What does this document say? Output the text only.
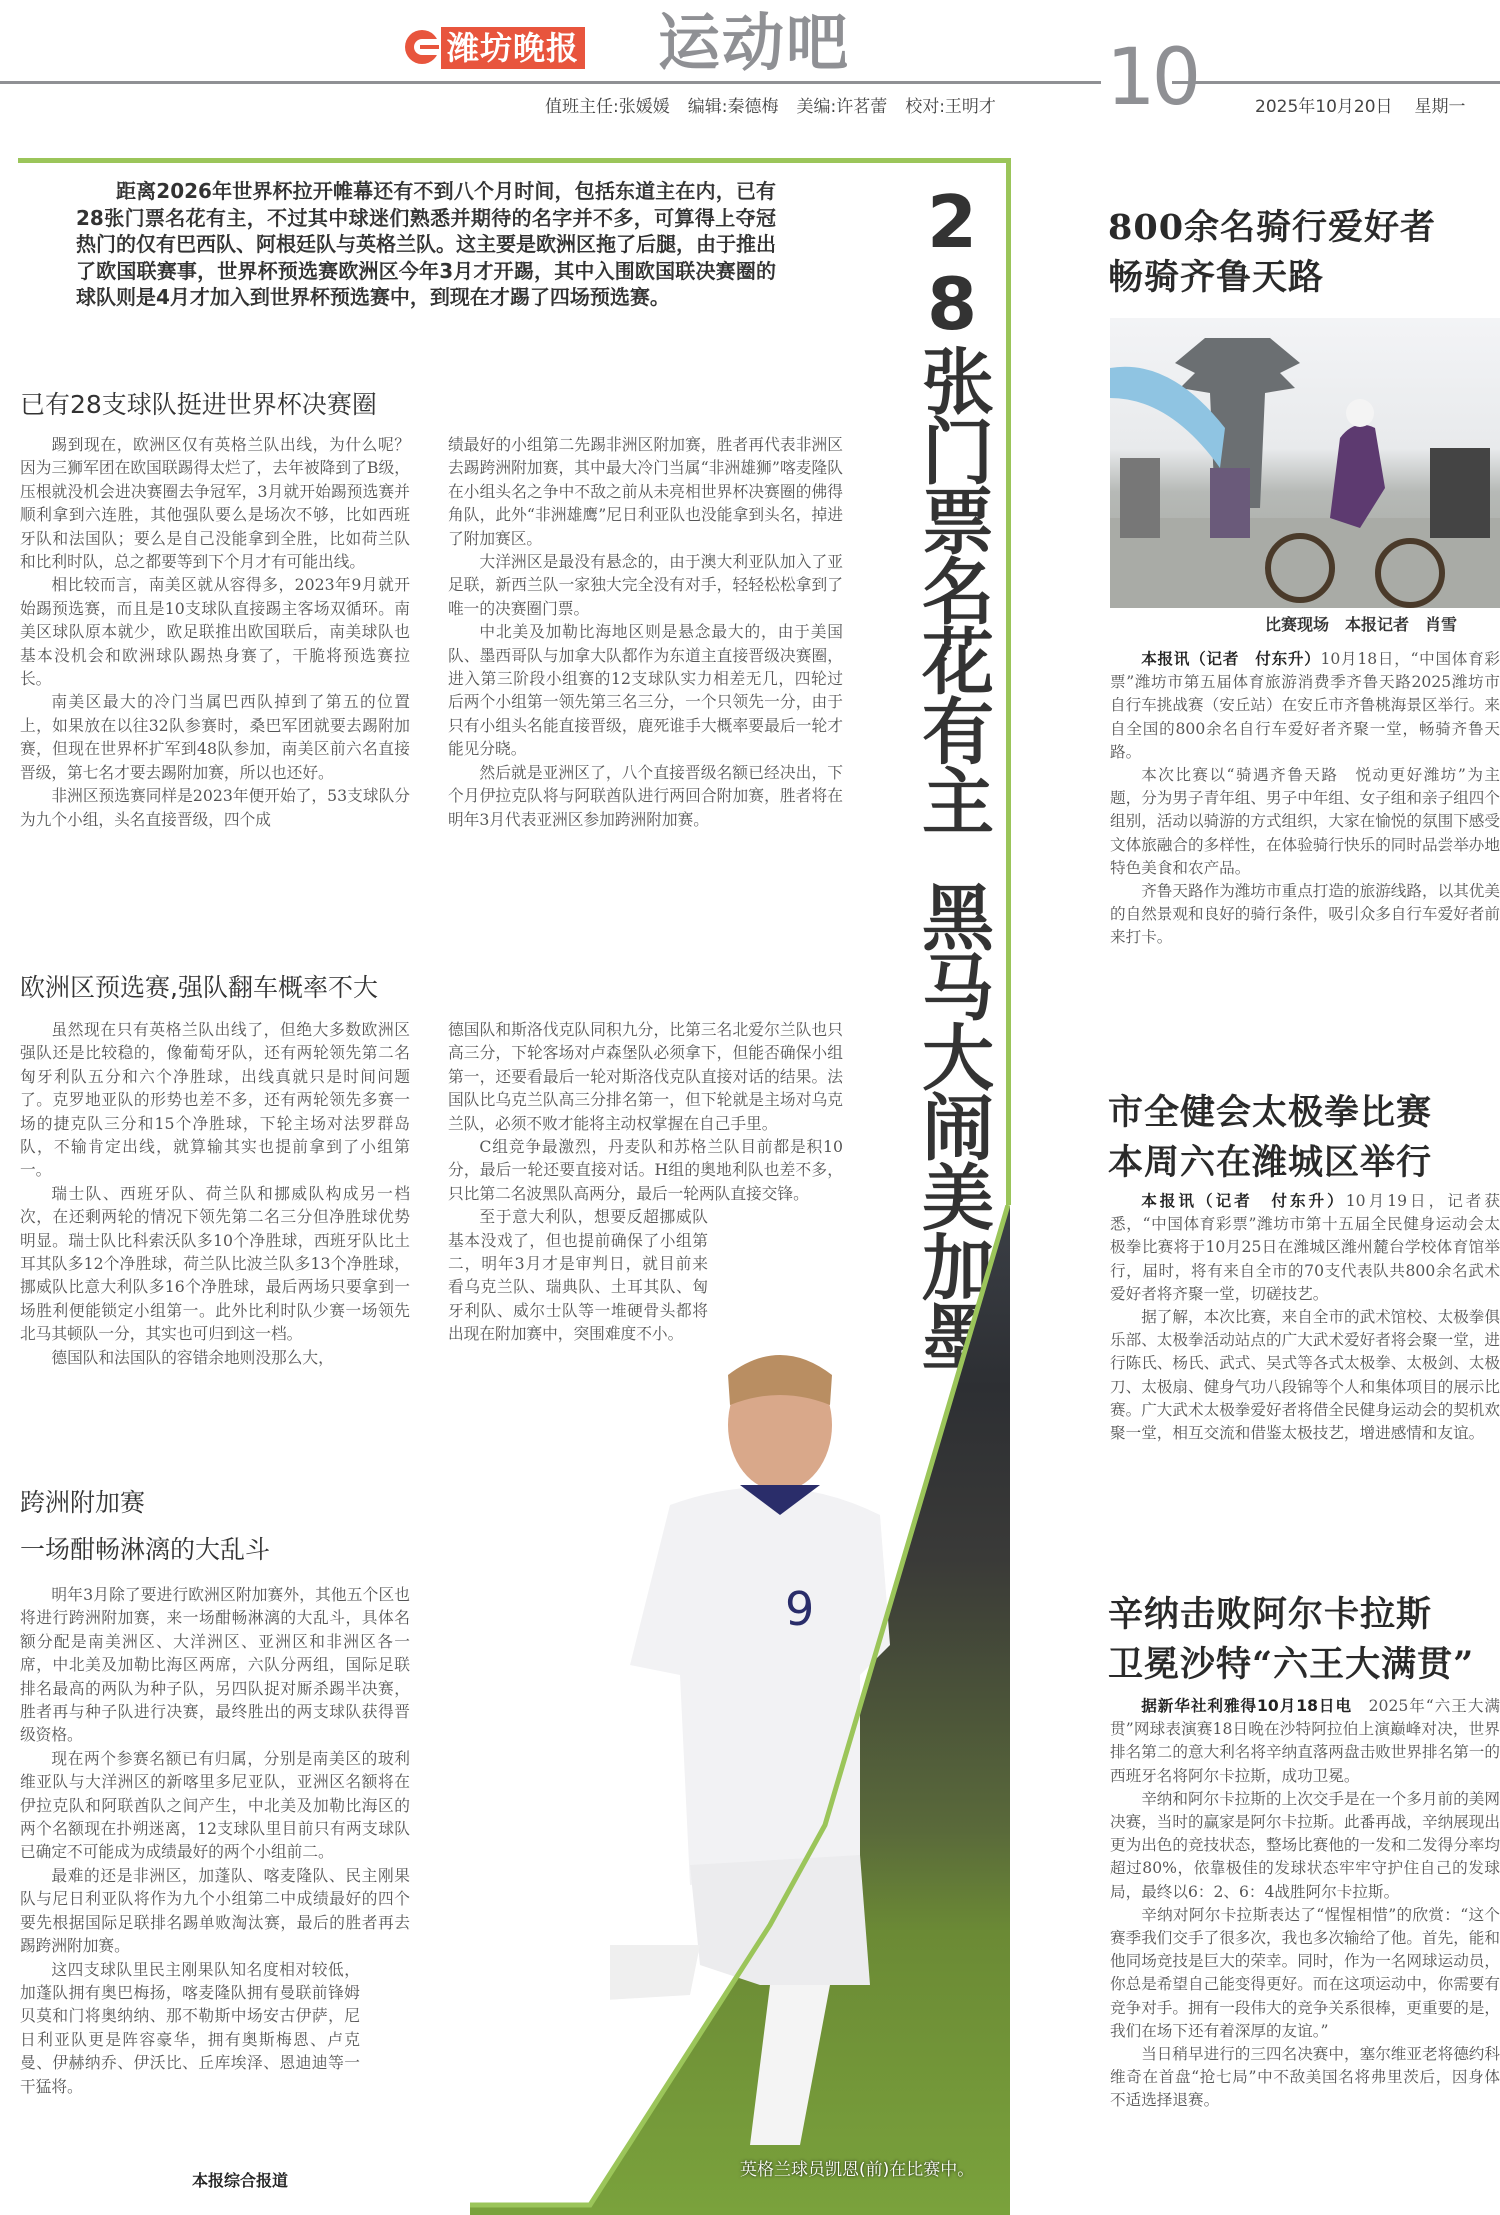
潍坊晚报 运动吧	10
值班主任:张媛媛 编辑:秦德梅 美编:许茗蕾 校对:王明才	2025年10月20日 星期一
距离2026年世界杯拉开帷幕还有不到八个月时间，包括东道主在内，已有28张门票名花有主，不过其中球迷们熟悉并期待的名字并不多，可算得上夺冠热门的仅有巴西队、阿根廷队与英格兰队。这主要是欧洲区拖了后腿，由于推出了欧国联赛事，世界杯预选赛欧洲区今年3月才开踢，其中入围欧国联决赛圈的球队则是4月才加入到世界杯预选赛中，到现在才踢了四场预选赛。
已有28支球队挺进世界杯决赛圈

踢到现在，欧洲区仅有英格兰队出线，为什么呢？因为三狮军团在欧国联踢得太烂了，去年被降到了B级，压根就没机会进决赛圈去争冠军，3月就开始踢预选赛并顺利拿到六连胜，其他强队要么是场次不够，比如西班牙队和法国队；要么是自己没能拿到全胜，比如荷兰队和比利时队，总之都要等到下个月才有可能出线。

相比较而言，南美区就从容得多，2023年9月就开始踢预选赛，而且是10支球队直接踢主客场双循环。南美区球队原本就少，欧足联推出欧国联后，南美球队也基本没机会和欧洲球队踢热身赛了，干脆将预选赛拉长。

南美区最大的冷门当属巴西队掉到了第五的位置上，如果放在以往32队参赛时，桑巴军团就要去踢附加赛，但现在世界杯扩军到48队参加，南美区前六名直接晋级，第七名才要去踢附加赛，所以也还好。

非洲区预选赛同样是2023年便开始了，53支球队分为九个小组，头名直接晋级，四个成

绩最好的小组第二先踢非洲区附加赛，胜者再代表非洲区去踢跨洲附加赛，其中最大冷门当属“非洲雄狮”喀麦隆队在小组头名之争中不敌之前从未亮相世界杯决赛圈的佛得角队，此外“非洲雄鹰”尼日利亚队也没能拿到头名，掉进了附加赛区。

大洋洲区是最没有悬念的，由于澳大利亚队加入了亚足联，新西兰队一家独大完全没有对手，轻轻松松拿到了唯一的决赛圈门票。

中北美及加勒比海地区则是悬念最大的，由于美国队、墨西哥队与加拿大队都作为东道主直接晋级决赛圈，进入第三阶段小组赛的12支球队实力相差无几，四轮过后两个小组第一领先第三名三分，一个只领先一分，由于只有小组头名能直接晋级，鹿死谁手大概率要最后一轮才能见分晓。

然后就是亚洲区了，八个直接晋级名额已经决出，下个月伊拉克队将与阿联酋队进行两回合附加赛，胜者将在明年3月代表亚洲区参加跨洲附加赛。

欧洲区预选赛,强队翻车概率不大

虽然现在只有英格兰队出线了，但绝大多数欧洲区强队还是比较稳的，像葡萄牙队，还有两轮领先第二名匈牙利队五分和六个净胜球，出线真就只是时间问题了。克罗地亚队的形势也差不多，还有两轮领先多赛一场的捷克队三分和15个净胜球，下轮主场对法罗群岛队，不输肯定出线，就算输其实也提前拿到了小组第一。

瑞士队、西班牙队、荷兰队和挪威队构成另一档次，在还剩两轮的情况下领先第二名三分但净胜球优势明显。瑞士队比科索沃队多10个净胜球，西班牙队比土耳其队多12个净胜球，荷兰队比波兰队多13个净胜球，挪威队比意大利队多16个净胜球，最后两场只要拿到一场胜利便能锁定小组第一。此外比利时队少赛一场领先北马其顿队一分，其实也可归到这一档。

德国队和法国队的容错余地则没那么大，

德国队和斯洛伐克队同积九分，比第三名北爱尔兰队也只高三分，下轮客场对卢森堡队必须拿下，但能否确保小组第一，还要看最后一轮对斯洛伐克队直接对话的结果。法国队比乌克兰队高三分排名第一，但下轮就是主场对乌克兰队，必须不败才能将主动权掌握在自己手里。

C组竞争最激烈，丹麦队和苏格兰队目前都是积10分，最后一轮还要直接对话。H组的奥地利队也差不多，只比第二名波黑队高两分，最后一轮两队直接交锋。

至于意大利队，想要反超挪威队基本没戏了，但也提前确保了小组第二，明年3月才是审判日，就目前来看乌克兰队、瑞典队、土耳其队、匈牙利队、威尔士队等一堆硬骨头都将出现在附加赛中，突围难度不小。

跨洲附加赛
一场酣畅淋漓的大乱斗

明年3月除了要进行欧洲区附加赛外，其他五个区也将进行跨洲附加赛，来一场酣畅淋漓的大乱斗，具体名额分配是南美洲区、大洋洲区、亚洲区和非洲区各一席，中北美及加勒比海区两席，六队分两组，国际足联排名最高的两队为种子队，另四队捉对厮杀踢半决赛，胜者再与种子队进行决赛，最终胜出的两支球队获得晋级资格。

现在两个参赛名额已有归属，分别是南美区的玻利维亚队与大洋洲区的新喀里多尼亚队，亚洲区名额将在伊拉克队和阿联酋队之间产生，中北美及加勒比海区的两个名额现在扑朔迷离，12支球队里目前只有两支球队已确定不可能成为成绩最好的两个小组前二。

最难的还是非洲区，加蓬队、喀麦隆队、民主刚果队与尼日利亚队将作为九个小组第二中成绩最好的四个要先根据国际足联排名踢单败淘汰赛，最后的胜者再去踢跨洲附加赛。

这四支球队里民主刚果队知名度相对较低，加蓬队拥有奥巴梅扬，喀麦隆队拥有曼联前锋姆贝莫和门将奥纳纳、那不勒斯中场安古伊萨，尼日利亚队更是阵容豪华，拥有奥斯梅恩、卢克曼、伊赫纳乔、伊沃比、丘库埃泽、恩迪迪等一干猛将。

本报综合报道
28张门票名花有主黑马大闹美加墨
9
英格兰球员凯恩(前)在比赛中。
800余名骑行爱好者
畅骑齐鲁天路
比赛现场　本报记者　肖雪

本报讯（记者　付东升）10月18日，“中国体育彩票”潍坊市第五届体育旅游消费季齐鲁天路2025潍坊市自行车挑战赛（安丘站）在安丘市齐鲁桃海景区举行。来自全国的800余名自行车爱好者齐聚一堂，畅骑齐鲁天路。

本次比赛以“骑遇齐鲁天路　悦动更好潍坊”为主题，分为男子青年组、男子中年组、女子组和亲子组四个组别，活动以骑游的方式组织，大家在愉悦的氛围下感受文体旅融合的多样性，在体验骑行快乐的同时品尝举办地特色美食和农产品。

齐鲁天路作为潍坊市重点打造的旅游线路，以其优美的自然景观和良好的骑行条件，吸引众多自行车爱好者前来打卡。

市全健会太极拳比赛
本周六在潍城区举行

本报讯（记者　付东升）10月19日，记者获悉，“中国体育彩票”潍坊市第十五届全民健身运动会太极拳比赛将于10月25日在潍城区潍州麓台学校体育馆举行，届时，将有来自全市的70支代表队共800余名武术爱好者将齐聚一堂，切磋技艺。

据了解，本次比赛，来自全市的武术馆校、太极拳俱乐部、太极拳活动站点的广大武术爱好者将会聚一堂，进行陈氏、杨氏、武式、吴式等各式太极拳、太极剑、太极刀、太极扇、健身气功八段锦等个人和集体项目的展示比赛。广大武术太极拳爱好者将借全民健身运动会的契机欢聚一堂，相互交流和借鉴太极技艺，增进感情和友谊。

辛纳击败阿尔卡拉斯
卫冕沙特“六王大满贯”

据新华社利雅得10月18日电　 2025年“六王大满贯”网球表演赛18日晚在沙特阿拉伯上演巅峰对决，世界排名第二的意大利名将辛纳直落两盘击败世界排名第一的西班牙名将阿尔卡拉斯，成功卫冕。

辛纳和阿尔卡拉斯的上次交手是在一个多月前的美网决赛，当时的赢家是阿尔卡拉斯。此番再战，辛纳展现出更为出色的竞技状态，整场比赛他的一发和二发得分率均超过80%，依靠极佳的发球状态牢牢守护住自己的发球局，最终以6：2、6：4战胜阿尔卡拉斯。

辛纳对阿尔卡拉斯表达了“惺惺相惜”的欣赏：“这个赛季我们交手了很多次，我也多次输给了他。首先，能和他同场竞技是巨大的荣幸。同时，作为一名网球运动员，你总是希望自己能变得更好。而在这项运动中，你需要有竞争对手。拥有一段伟大的竞争关系很棒，更重要的是，我们在场下还有着深厚的友谊。”

当日稍早进行的三四名决赛中，塞尔维亚老将德约科维奇在首盘“抢七局”中不敌美国名将弗里茨后，因身体不适选择退赛。
